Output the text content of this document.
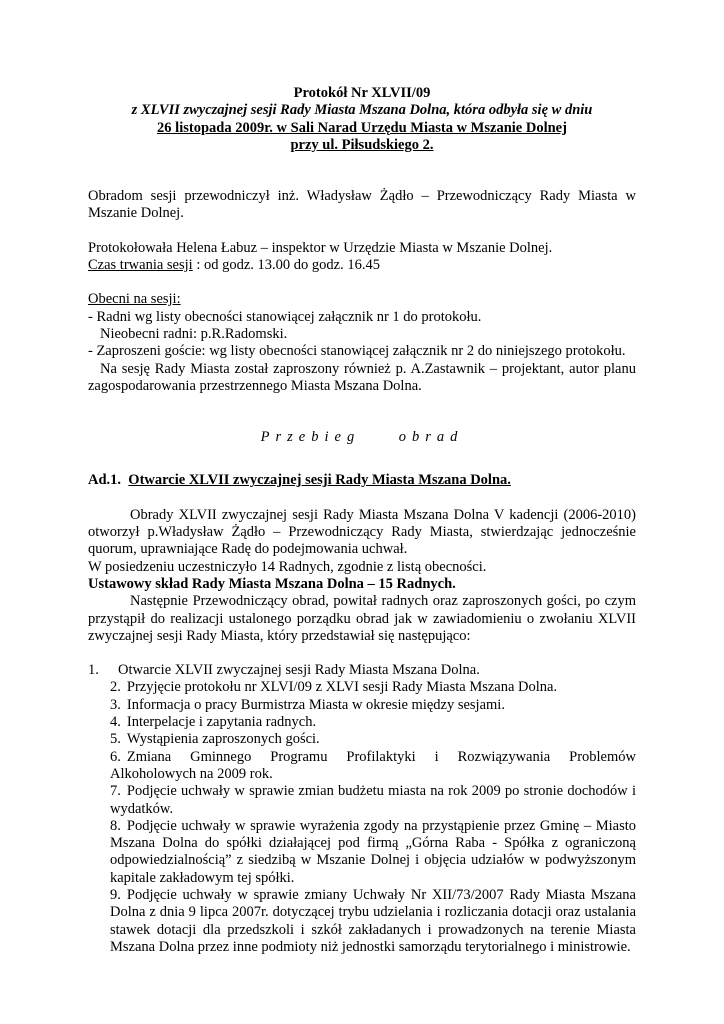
Protokół Nr XLVII/09

z XLVII zwyczajnej sesji Rady Miasta Mszana Dolna, która odbyła się w dniu

26 listopada 2009r. w Sali Narad Urzędu Miasta w Mszanie Dolnej

przy ul. Piłsudskiego 2.

Obradom sesji przewodniczył inż. Władysław Żądło – Przewodniczący Rady Miasta w Mszanie Dolnej.

Protokołowała Helena Łabuz – inspektor w Urzędzie Miasta w Mszanie Dolnej.

Czas trwania sesji : od godz. 13.00 do godz. 16.45

Obecni na sesji:

- Radni wg listy obecności stanowiącej załącznik nr 1 do protokołu.

Nieobecni radni: p.R.Radomski.

- Zaproszeni goście: wg listy obecności stanowiącej załącznik nr 2 do niniejszego protokołu.

Na sesję Rady Miasta został zaproszony również p. A.Zastawnik – projektant, autor planu zagospodarowania przestrzennego Miasta Mszana Dolna.

Przebieg    obrad

Ad.1. Otwarcie XLVII zwyczajnej sesji Rady Miasta Mszana Dolna.

Obrady XLVII zwyczajnej sesji Rady Miasta Mszana Dolna V kadencji (2006-2010) otworzył p.Władysław Żądło – Przewodniczący Rady Miasta, stwierdzając jednocześnie quorum, uprawniające Radę do podejmowania uchwał.

W posiedzeniu uczestniczyło 14 Radnych, zgodnie z listą obecności.

Ustawowy skład Rady Miasta Mszana Dolna – 15 Radnych.

Następnie Przewodniczący obrad, powitał radnych oraz zaproszonych gości, po czym przystąpił do realizacji ustalonego porządku obrad jak w zawiadomieniu o zwołaniu XLVII zwyczajnej sesji Rady Miasta, który przedstawiał się następująco:

1. Otwarcie XLVII zwyczajnej sesji Rady Miasta Mszana Dolna.
2. Przyjęcie protokołu nr XLVI/09 z XLVI sesji Rady Miasta Mszana Dolna.
3. Informacja o pracy Burmistrza Miasta w okresie między sesjami.
4. Interpelacje i zapytania radnych.
5. Wystąpienia zaproszonych gości.
6. Zmiana    Gminnego    Programu    Profilaktyki    i    Rozwiązywania    Problemów Alkoholowych na 2009 rok.
7. Podjęcie uchwały w sprawie zmian budżetu miasta na rok 2009 po stronie dochodów i wydatków.
8. Podjęcie uchwały w sprawie wyrażenia zgody na przystąpienie przez Gminę – Miasto Mszana Dolna do spółki działającej pod firmą „Górna Raba - Spółka z ograniczoną odpowiedzialnością” z siedzibą w Mszanie Dolnej i objęcia udziałów w podwyższonym kapitale zakładowym tej spółki.
9. Podjęcie uchwały w sprawie zmiany Uchwały Nr XII/73/2007 Rady Miasta Mszana Dolna z dnia 9 lipca 2007r. dotyczącej trybu udzielania i rozliczania dotacji oraz ustalania stawek dotacji dla przedszkoli i szkół zakładanych i prowadzonych na terenie Miasta Mszana Dolna przez inne podmioty niż jednostki samorządu terytorialnego i ministrowie.
